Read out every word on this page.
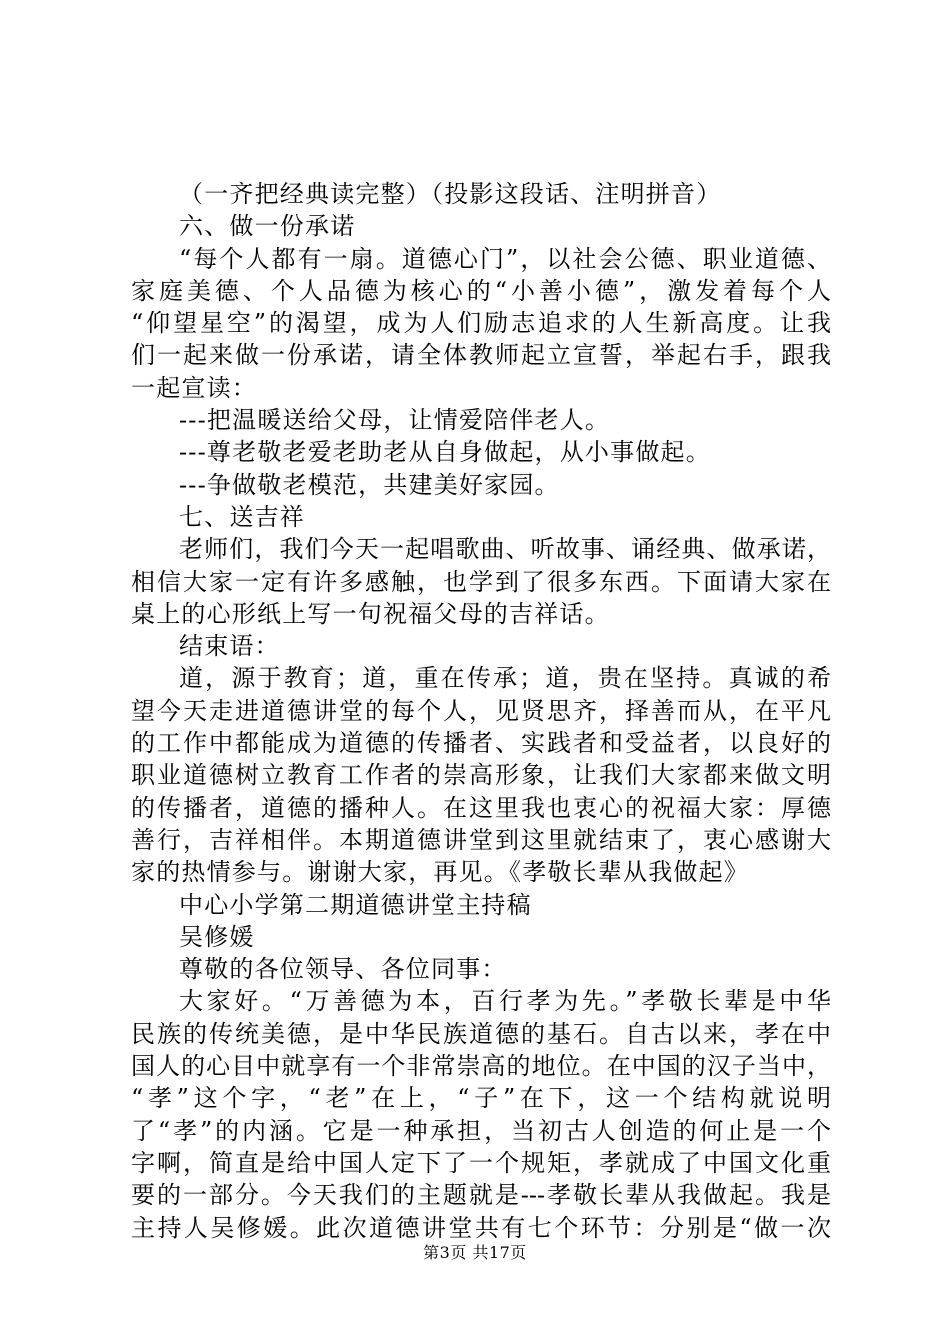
（一齐把经典读完整）（投影这段话、注明拼音）
六、做一份承诺
“每个人都有一扇。道德心门”，以社会公德、职业道德、
家庭美德、个人品德为核心的“小善小德”，激发着每个人
“仰望星空”的渴望，成为人们励志追求的人生新高度。让我
们一起来做一份承诺，请全体教师起立宣誓，举起右手，跟我
一起宣读：
---把温暖送给父母，让情爱陪伴老人。
---尊老敬老爱老助老从自身做起，从小事做起。
---争做敬老模范，共建美好家园。
七、送吉祥
老师们，我们今天一起唱歌曲、听故事、诵经典、做承诺，
相信大家一定有许多感触，也学到了很多东西。下面请大家在
桌上的心形纸上写一句祝福父母的吉祥话。
结束语：
道，源于教育；道，重在传承；道，贵在坚持。真诚的希
望今天走进道德讲堂的每个人，见贤思齐，择善而从，在平凡
的工作中都能成为道德的传播者、实践者和受益者，以良好的
职业道德树立教育工作者的崇高形象，让我们大家都来做文明
的传播者，道德的播种人。在这里我也衷心的祝福大家：厚德
善行，吉祥相伴。本期道德讲堂到这里就结束了，衷心感谢大
家的热情参与。谢谢大家，再见。《孝敬长辈从我做起》
中心小学第二期道德讲堂主持稿
吴修媛
尊敬的各位领导、各位同事：
大家好。“万善德为本，百行孝为先。”孝敬长辈是中华
民族的传统美德，是中华民族道德的基石。自古以来，孝在中
国人的心目中就享有一个非常崇高的地位。在中国的汉子当中，
“孝”这个字，“老”在上，“子”在下，这一个结构就说明
了“孝”的内涵。它是一种承担，当初古人创造的何止是一个
字啊，简直是给中国人定下了一个规矩，孝就成了中国文化重
要的一部分。今天我们的主题就是---孝敬长辈从我做起。我是
主持人吴修媛。此次道德讲堂共有七个环节：分别是“做一次
第3页 共17页
